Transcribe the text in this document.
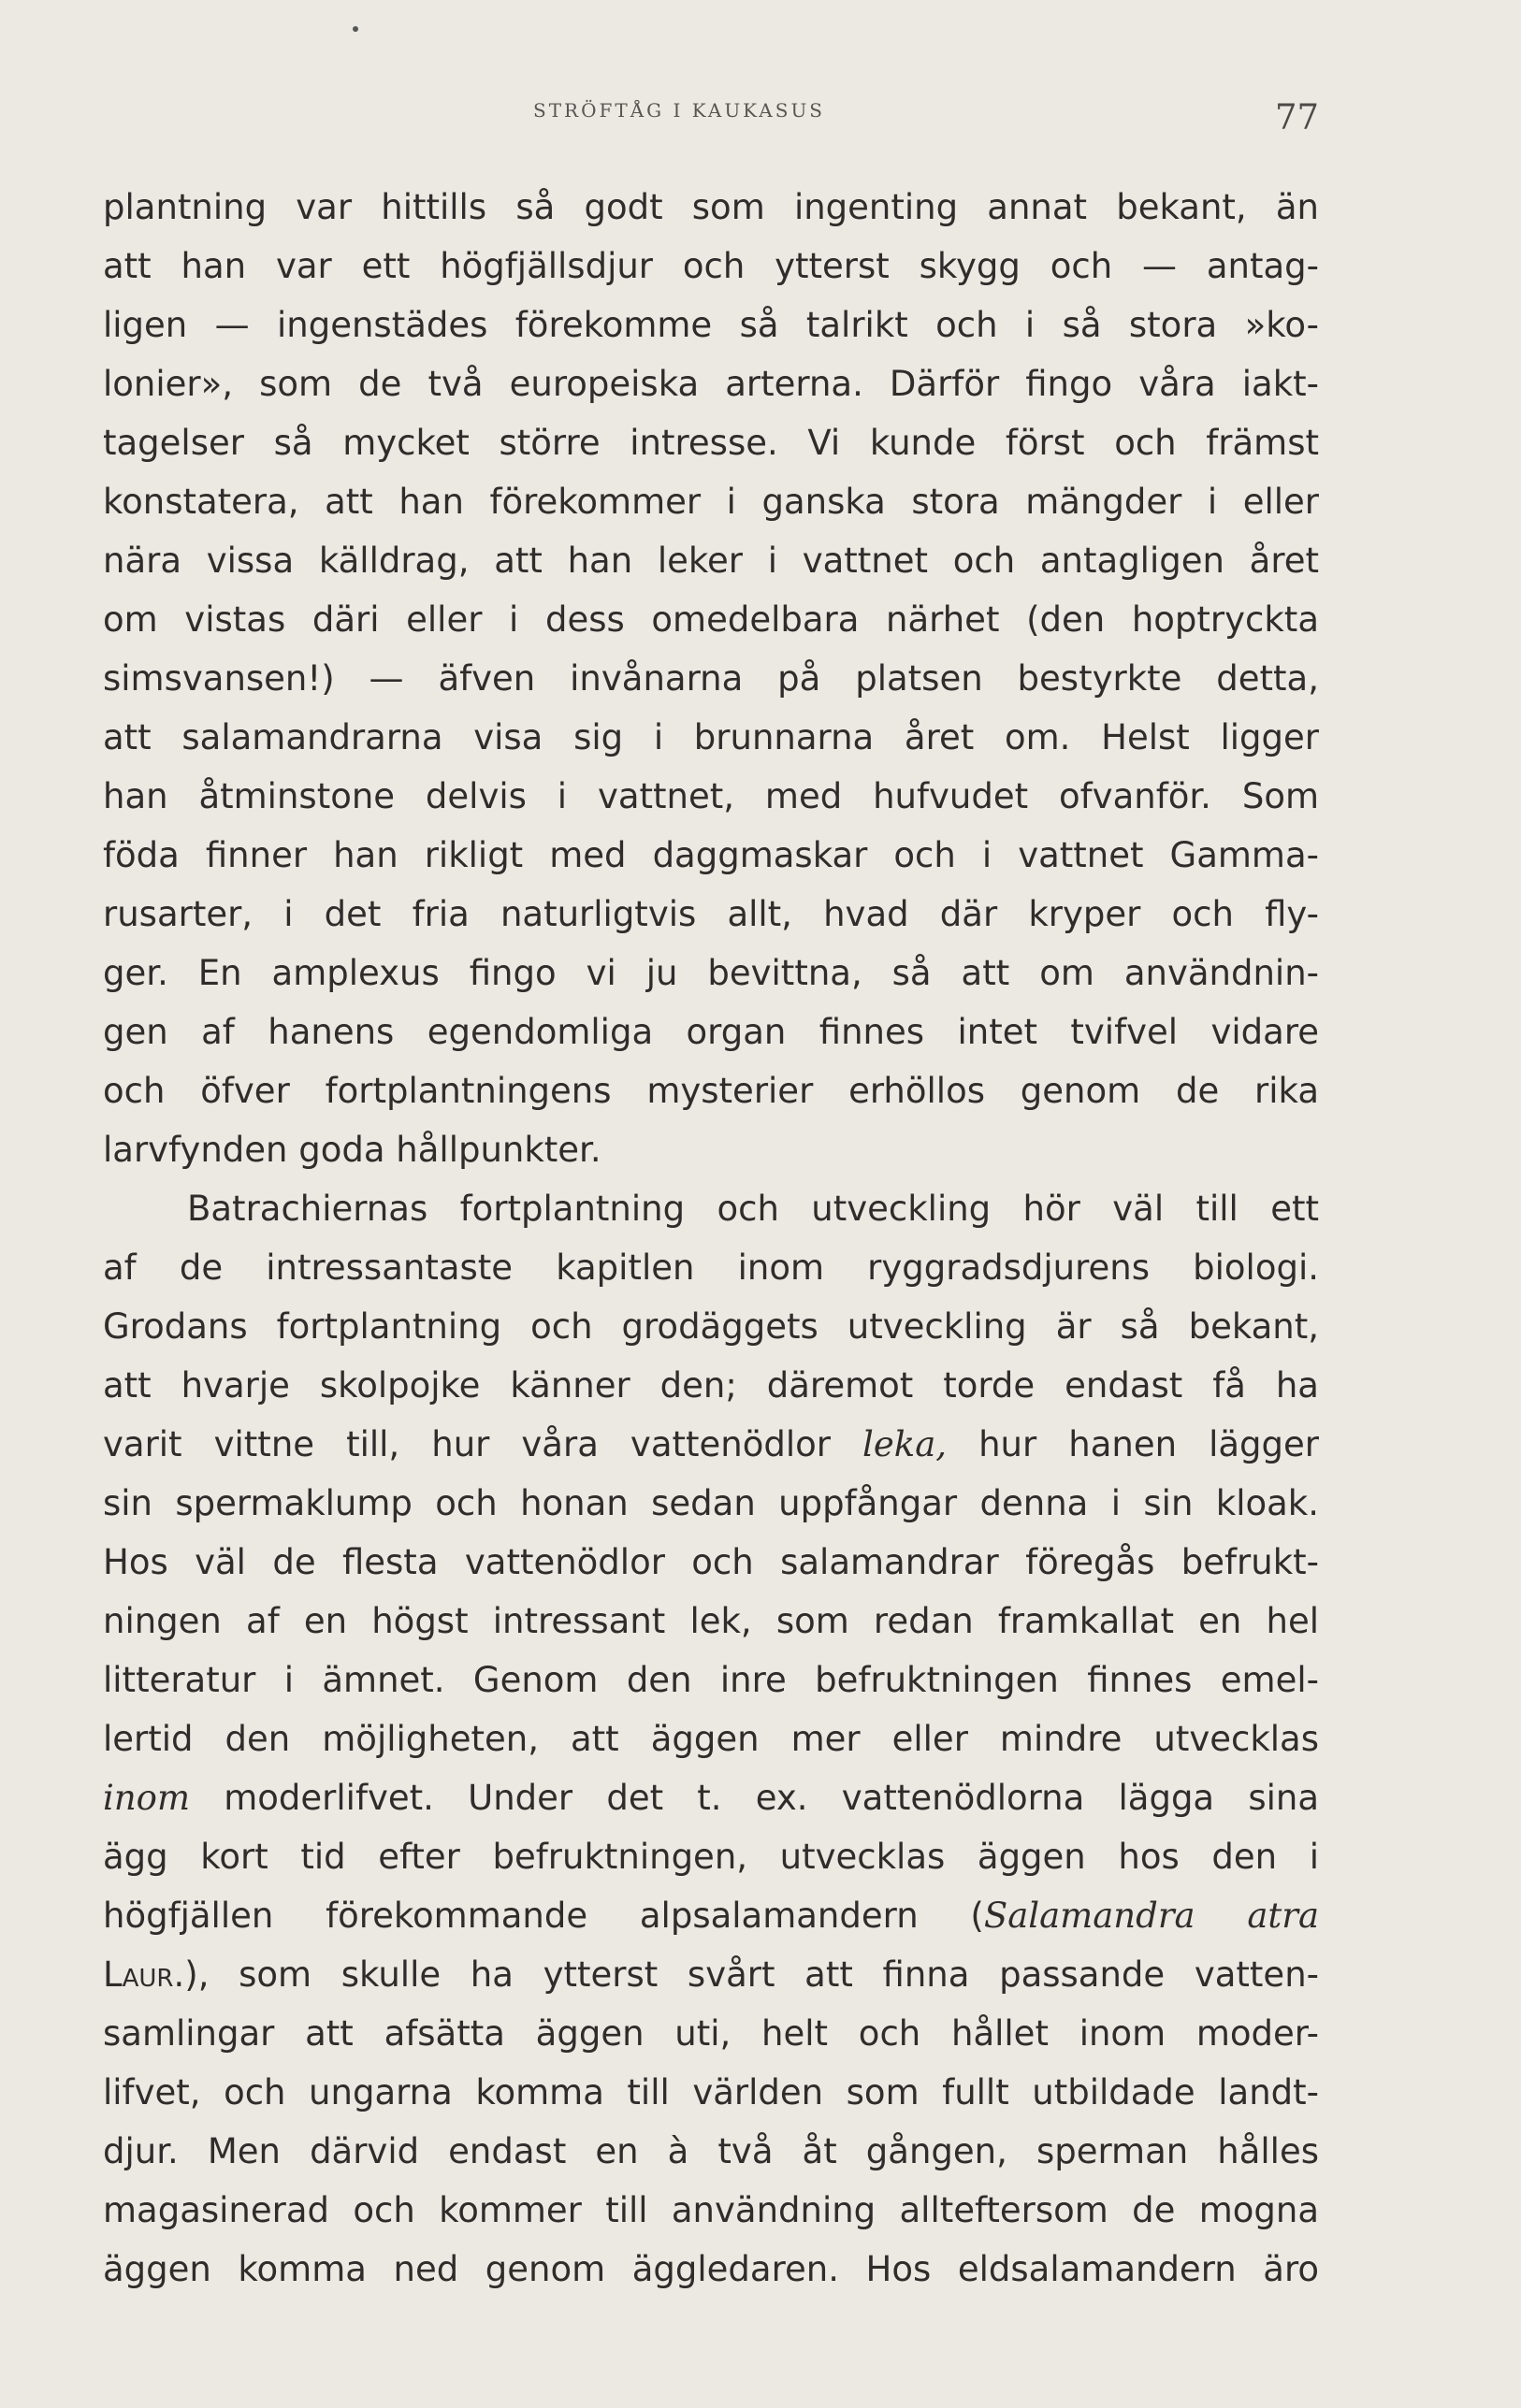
STRÖFTÅG I KAUKASUS	77
plantning var hittills så godt som ingenting annat bekant, än
att han var ett högfjällsdjur och ytterst skygg och — antag-
ligen — ingenstädes förekomme så talrikt och i så stora »ko-
lonier», som de två europeiska arterna. Därför fingo våra iakt-
tagelser så mycket större intresse. Vi kunde först och främst
konstatera, att han förekommer i ganska stora mängder i eller
nära vissa källdrag, att han leker i vattnet och antagligen året
om vistas däri eller i dess omedelbara närhet (den hoptryckta
simsvansen!) — äfven invånarna på platsen bestyrkte detta,
att salamandrarna visa sig i brunnarna året om. Helst ligger
han åtminstone delvis i vattnet, med hufvudet ofvanför. Som
föda finner han rikligt med daggmaskar och i vattnet Gamma-
rusarter, i det fria naturligtvis allt, hvad där kryper och fly-
ger. En amplexus fingo vi ju bevittna, så att om användnin-
gen af hanens egendomliga organ finnes intet tvifvel vidare
och öfver fortplantningens mysterier erhöllos genom de rika
larvfynden goda hållpunkter.
Batrachiernas fortplantning och utveckling hör väl till ett
af de intressantaste kapitlen inom ryggradsdjurens biologi.
Grodans fortplantning och grodäggets utveckling är så bekant,
att hvarje skolpojke känner den; däremot torde endast få ha
varit vittne till, hur våra vattenödlor leka, hur hanen lägger
sin spermaklump och honan sedan uppfångar denna i sin kloak.
Hos väl de flesta vattenödlor och salamandrar föregås befrukt-
ningen af en högst intressant lek, som redan framkallat en hel
litteratur i ämnet. Genom den inre befruktningen finnes emel-
lertid den möjligheten, att äggen mer eller mindre utvecklas
inom moderlifvet. Under det t. ex. vattenödlorna lägga sina
ägg kort tid efter befruktningen, utvecklas äggen hos den i
högfjällen förekommande alpsalamandern (Salamandra atra
Laur.), som skulle ha ytterst svårt att finna passande vatten-
samlingar att afsätta äggen uti, helt och hållet inom moder-
lifvet, och ungarna komma till världen som fullt utbildade landt-
djur. Men därvid endast en à två åt gången, sperman hålles
magasinerad och kommer till användning allteftersom de mogna
äggen komma ned genom äggledaren. Hos eldsalamandern äro
